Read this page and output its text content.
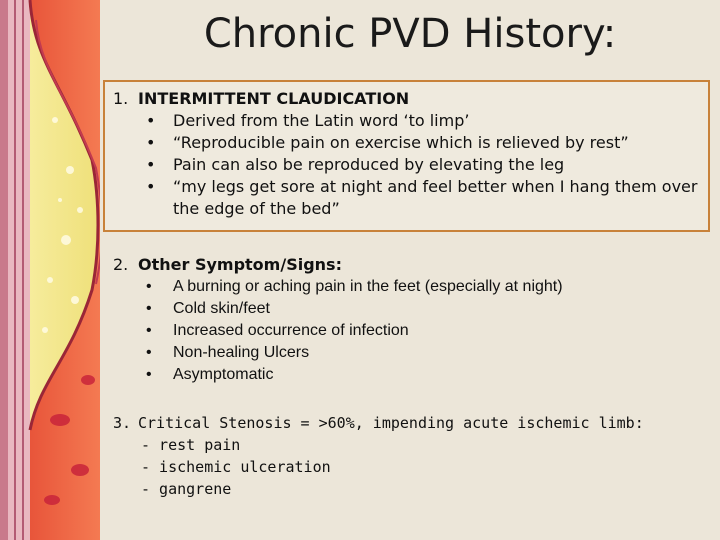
Chronic PVD History:
1. INTERMITTENT CLAUDICATION
• Derived from the Latin word ‘to limp’
• “Reproducible pain on exercise which is relieved by rest”
• Pain can also be reproduced by elevating the leg
• “my legs get sore at night and feel better when I hang them over the edge of the bed”
2. Other Symptom/Signs:
• A burning or aching pain in the feet (especially at night)
• Cold skin/feet
• Increased occurrence of infection
• Non-healing Ulcers
• Asymptomatic
3. Critical Stenosis = >60%, impending acute ischemic limb:
- rest pain
- ischemic ulceration
- gangrene
